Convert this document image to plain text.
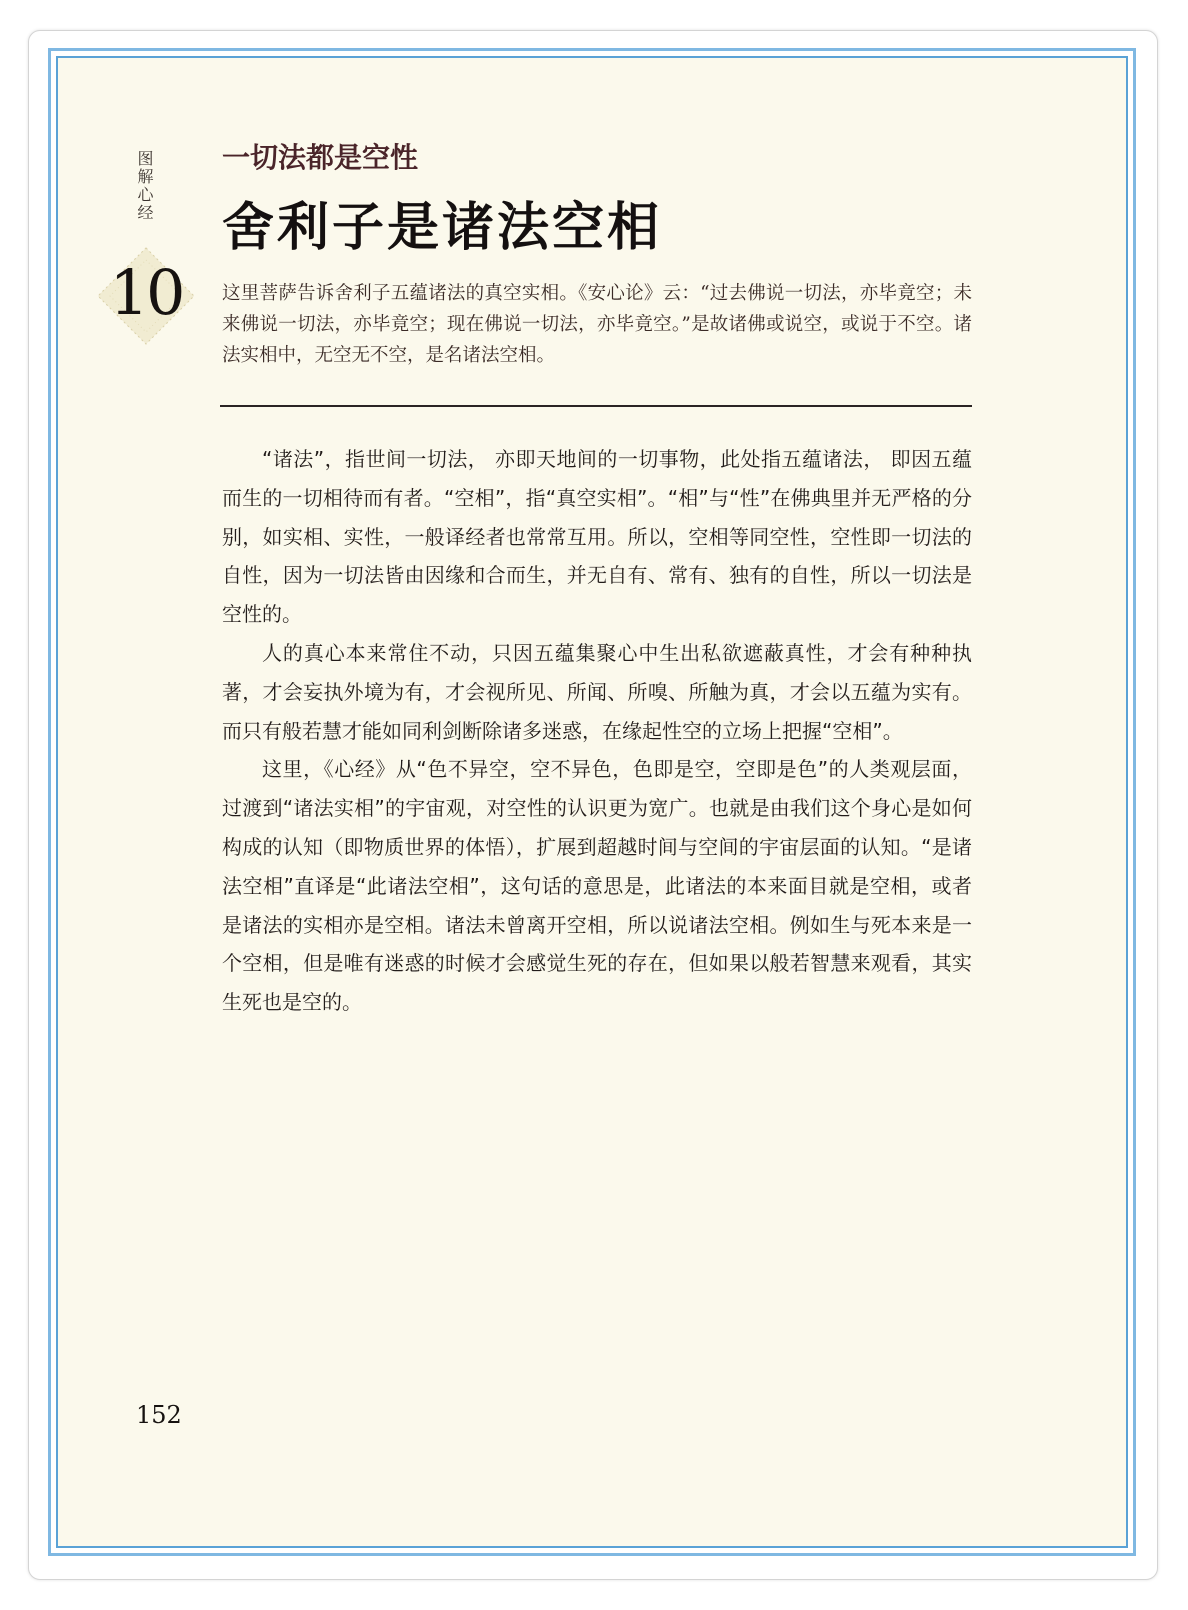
图解心经
10
一切法都是空性
舍利子是诸法空相
这里菩萨告诉舍利子五蕴诸法的真空实相。《安心论》云：“过去佛说一切法，亦毕竟空；未来佛说一切法，亦毕竟空；现在佛说一切法，亦毕竟空。”是故诸佛或说空，或说于不空。诸法实相中，无空无不空，是名诸法空相。

“诸法”，指世间一切法， 亦即天地间的一切事物，此处指五蕴诸法， 即因五蕴而生的一切相待而有者。“空相”，指“真空实相”。“相”与“性”在佛典里并无严格的分别，如实相、实性，一般译经者也常常互用。所以，空相等同空性，空性即一切法的自性，因为一切法皆由因缘和合而生，并无自有、常有、独有的自性，所以一切法是空性的。

人的真心本来常住不动，只因五蕴集聚心中生出私欲遮蔽真性，才会有种种执著，才会妄执外境为有，才会视所见、所闻、所嗅、所触为真，才会以五蕴为实有。而只有般若慧才能如同利剑断除诸多迷惑，在缘起性空的立场上把握“空相”。

这里，《心经》从“色不异空，空不异色，色即是空，空即是色”的人类观层面，过渡到“诸法实相”的宇宙观，对空性的认识更为宽广。也就是由我们这个身心是如何构成的认知（即物质世界的体悟），扩展到超越时间与空间的宇宙层面的认知。“是诸法空相”直译是“此诸法空相”，这句话的意思是，此诸法的本来面目就是空相，或者是诸法的实相亦是空相。诸法未曾离开空相，所以说诸法空相。例如生与死本来是一个空相，但是唯有迷惑的时候才会感觉生死的存在，但如果以般若智慧来观看，其实生死也是空的。

152
